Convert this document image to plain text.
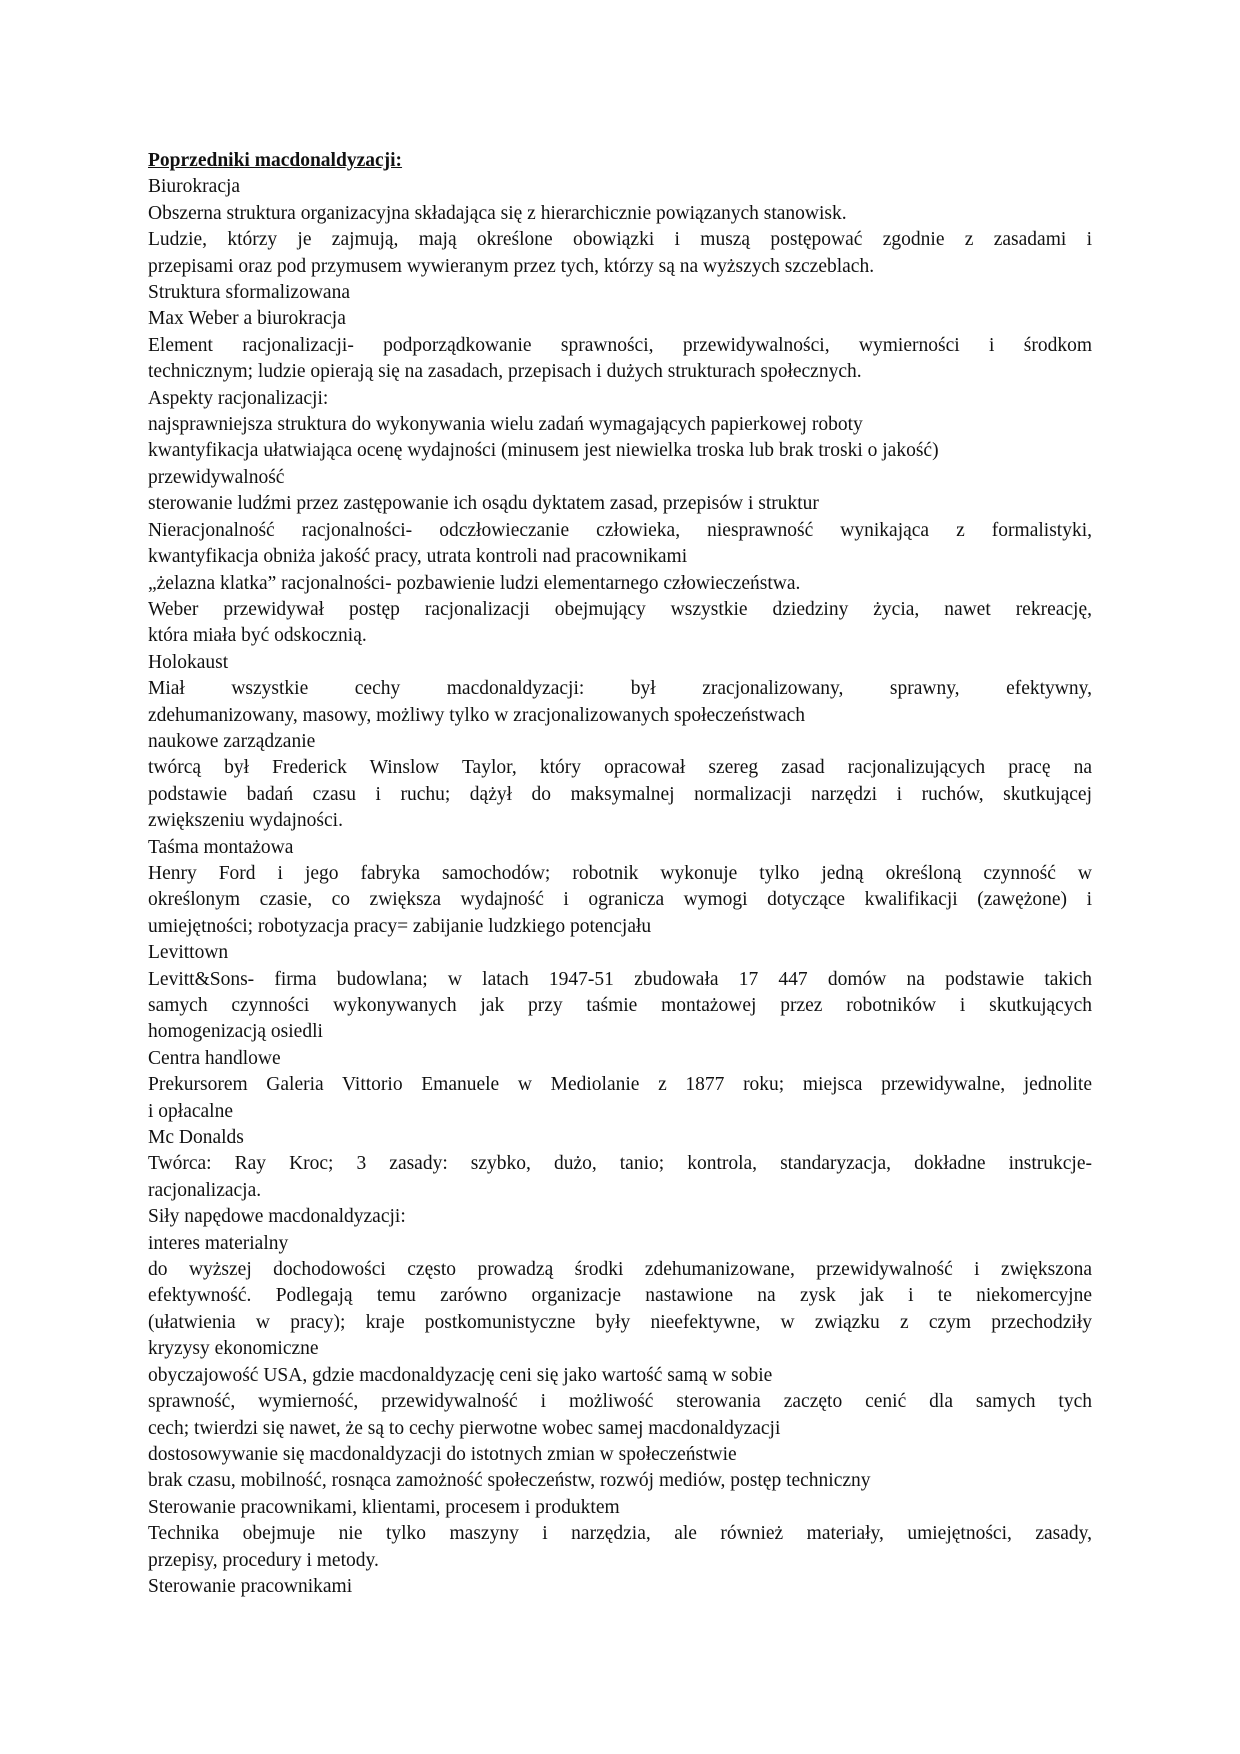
Poprzedniki macdonaldyzacji:
Biurokracja
Obszerna struktura organizacyjna składająca się z hierarchicznie powiązanych stanowisk.
Ludzie, którzy je zajmują, mają określone obowiązki i muszą postępować zgodnie z zasadami i
przepisami oraz pod przymusem wywieranym przez tych, którzy są na wyższych szczeblach.
Struktura sformalizowana
Max Weber a biurokracja
Element racjonalizacji- podporządkowanie sprawności, przewidywalności, wymierności i środkom
technicznym; ludzie opierają się na zasadach, przepisach i dużych strukturach społecznych.
Aspekty racjonalizacji:
najsprawniejsza struktura do wykonywania wielu zadań wymagających papierkowej roboty
kwantyfikacja ułatwiająca ocenę wydajności (minusem jest niewielka troska lub brak troski o jakość)
przewidywalność
sterowanie ludźmi przez zastępowanie ich osądu dyktatem zasad, przepisów i struktur
Nieracjonalność racjonalności- odczłowieczanie człowieka, niesprawność wynikająca z formalistyki,
kwantyfikacja obniża jakość pracy, utrata kontroli nad pracownikami
„żelazna klatka” racjonalności- pozbawienie ludzi elementarnego człowieczeństwa.
Weber przewidywał postęp racjonalizacji obejmujący wszystkie dziedziny życia, nawet rekreację,
która miała być odskocznią.
Holokaust
Miał wszystkie cechy macdonaldyzacji: był zracjonalizowany, sprawny, efektywny,
zdehumanizowany, masowy, możliwy tylko w zracjonalizowanych społeczeństwach
naukowe zarządzanie
twórcą był Frederick Winslow Taylor, który opracował szereg zasad racjonalizujących pracę na
podstawie badań czasu i ruchu; dążył do maksymalnej normalizacji narzędzi i ruchów, skutkującej
zwiększeniu wydajności.
Taśma montażowa
Henry Ford i jego fabryka samochodów; robotnik wykonuje tylko jedną określoną czynność w
określonym czasie, co zwiększa wydajność i ogranicza wymogi dotyczące kwalifikacji (zawężone) i
umiejętności; robotyzacja pracy= zabijanie ludzkiego potencjału
Levittown
Levitt&Sons- firma budowlana; w latach 1947-51 zbudowała 17 447 domów na podstawie takich
samych czynności wykonywanych jak przy taśmie montażowej przez robotników i skutkujących
homogenizacją osiedli
Centra handlowe
Prekursorem Galeria Vittorio Emanuele w Mediolanie z 1877 roku; miejsca przewidywalne, jednolite
i opłacalne
Mc Donalds
Twórca: Ray Kroc; 3 zasady: szybko, dużo, tanio; kontrola, standaryzacja, dokładne instrukcje-
racjonalizacja.
Siły napędowe macdonaldyzacji:
interes materialny
do wyższej dochodowości często prowadzą środki zdehumanizowane, przewidywalność i zwiększona
efektywność. Podlegają temu zarówno organizacje nastawione na zysk jak i te niekomercyjne
(ułatwienia w pracy); kraje postkomunistyczne były nieefektywne, w związku z czym przechodziły
kryzysy ekonomiczne
obyczajowość USA, gdzie macdonaldyzację ceni się jako wartość samą w sobie
sprawność, wymierność, przewidywalność i możliwość sterowania zaczęto cenić dla samych tych
cech; twierdzi się nawet, że są to cechy pierwotne wobec samej macdonaldyzacji
dostosowywanie się macdonaldyzacji do istotnych zmian w społeczeństwie
brak czasu, mobilność, rosnąca zamożność społeczeństw, rozwój mediów, postęp techniczny
Sterowanie pracownikami, klientami, procesem i produktem
Technika obejmuje nie tylko maszyny i narzędzia, ale również materiały, umiejętności, zasady,
przepisy, procedury i metody.
Sterowanie pracownikami
